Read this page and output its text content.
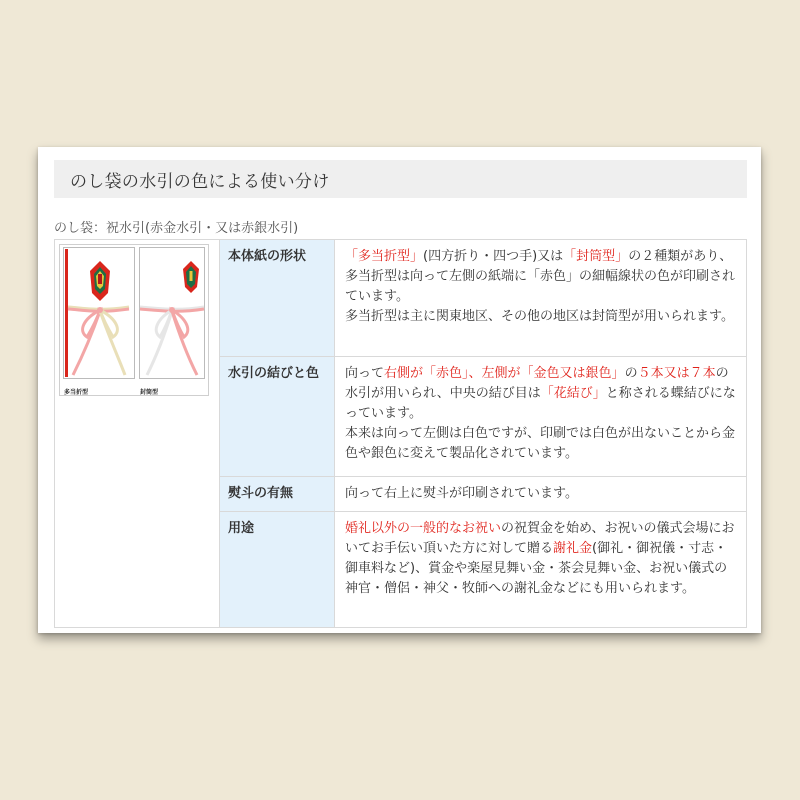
のし袋の水引の色による使い分け
のし袋：祝水引(赤金水引・又は赤銀水引)
多当折型 封筒型	本体紙の形状	「多当折型」(四方折り・四つ手)又は「封筒型」の２種類があり、多当折型は向って左側の紙端に「赤色」の細幅線状の色が印刷されています。
多当折型は主に関東地区、その他の地区は封筒型が用いられます。
	水引の結びと色	向って右側が「赤色」、左側が「金色又は銀色」の５本又は７本の水引が用いられ、中央の結び目は「花結び」と称される蝶結びになっています。
本来は向って左側は白色ですが、印刷では白色が出ないことから金色や銀色に変えて製品化されています。
	熨斗の有無	向って右上に熨斗が印刷されています。
	用途	婚礼以外の一般的なお祝いの祝賀金を始め、お祝いの儀式会場においてお手伝い頂いた方に対して贈る謝礼金(御礼・御祝儀・寸志・御車料など)、賞金や楽屋見舞い金・茶会見舞い金、お祝い儀式の神官・僧侶・神父・牧師への謝礼金などにも用いられます。
